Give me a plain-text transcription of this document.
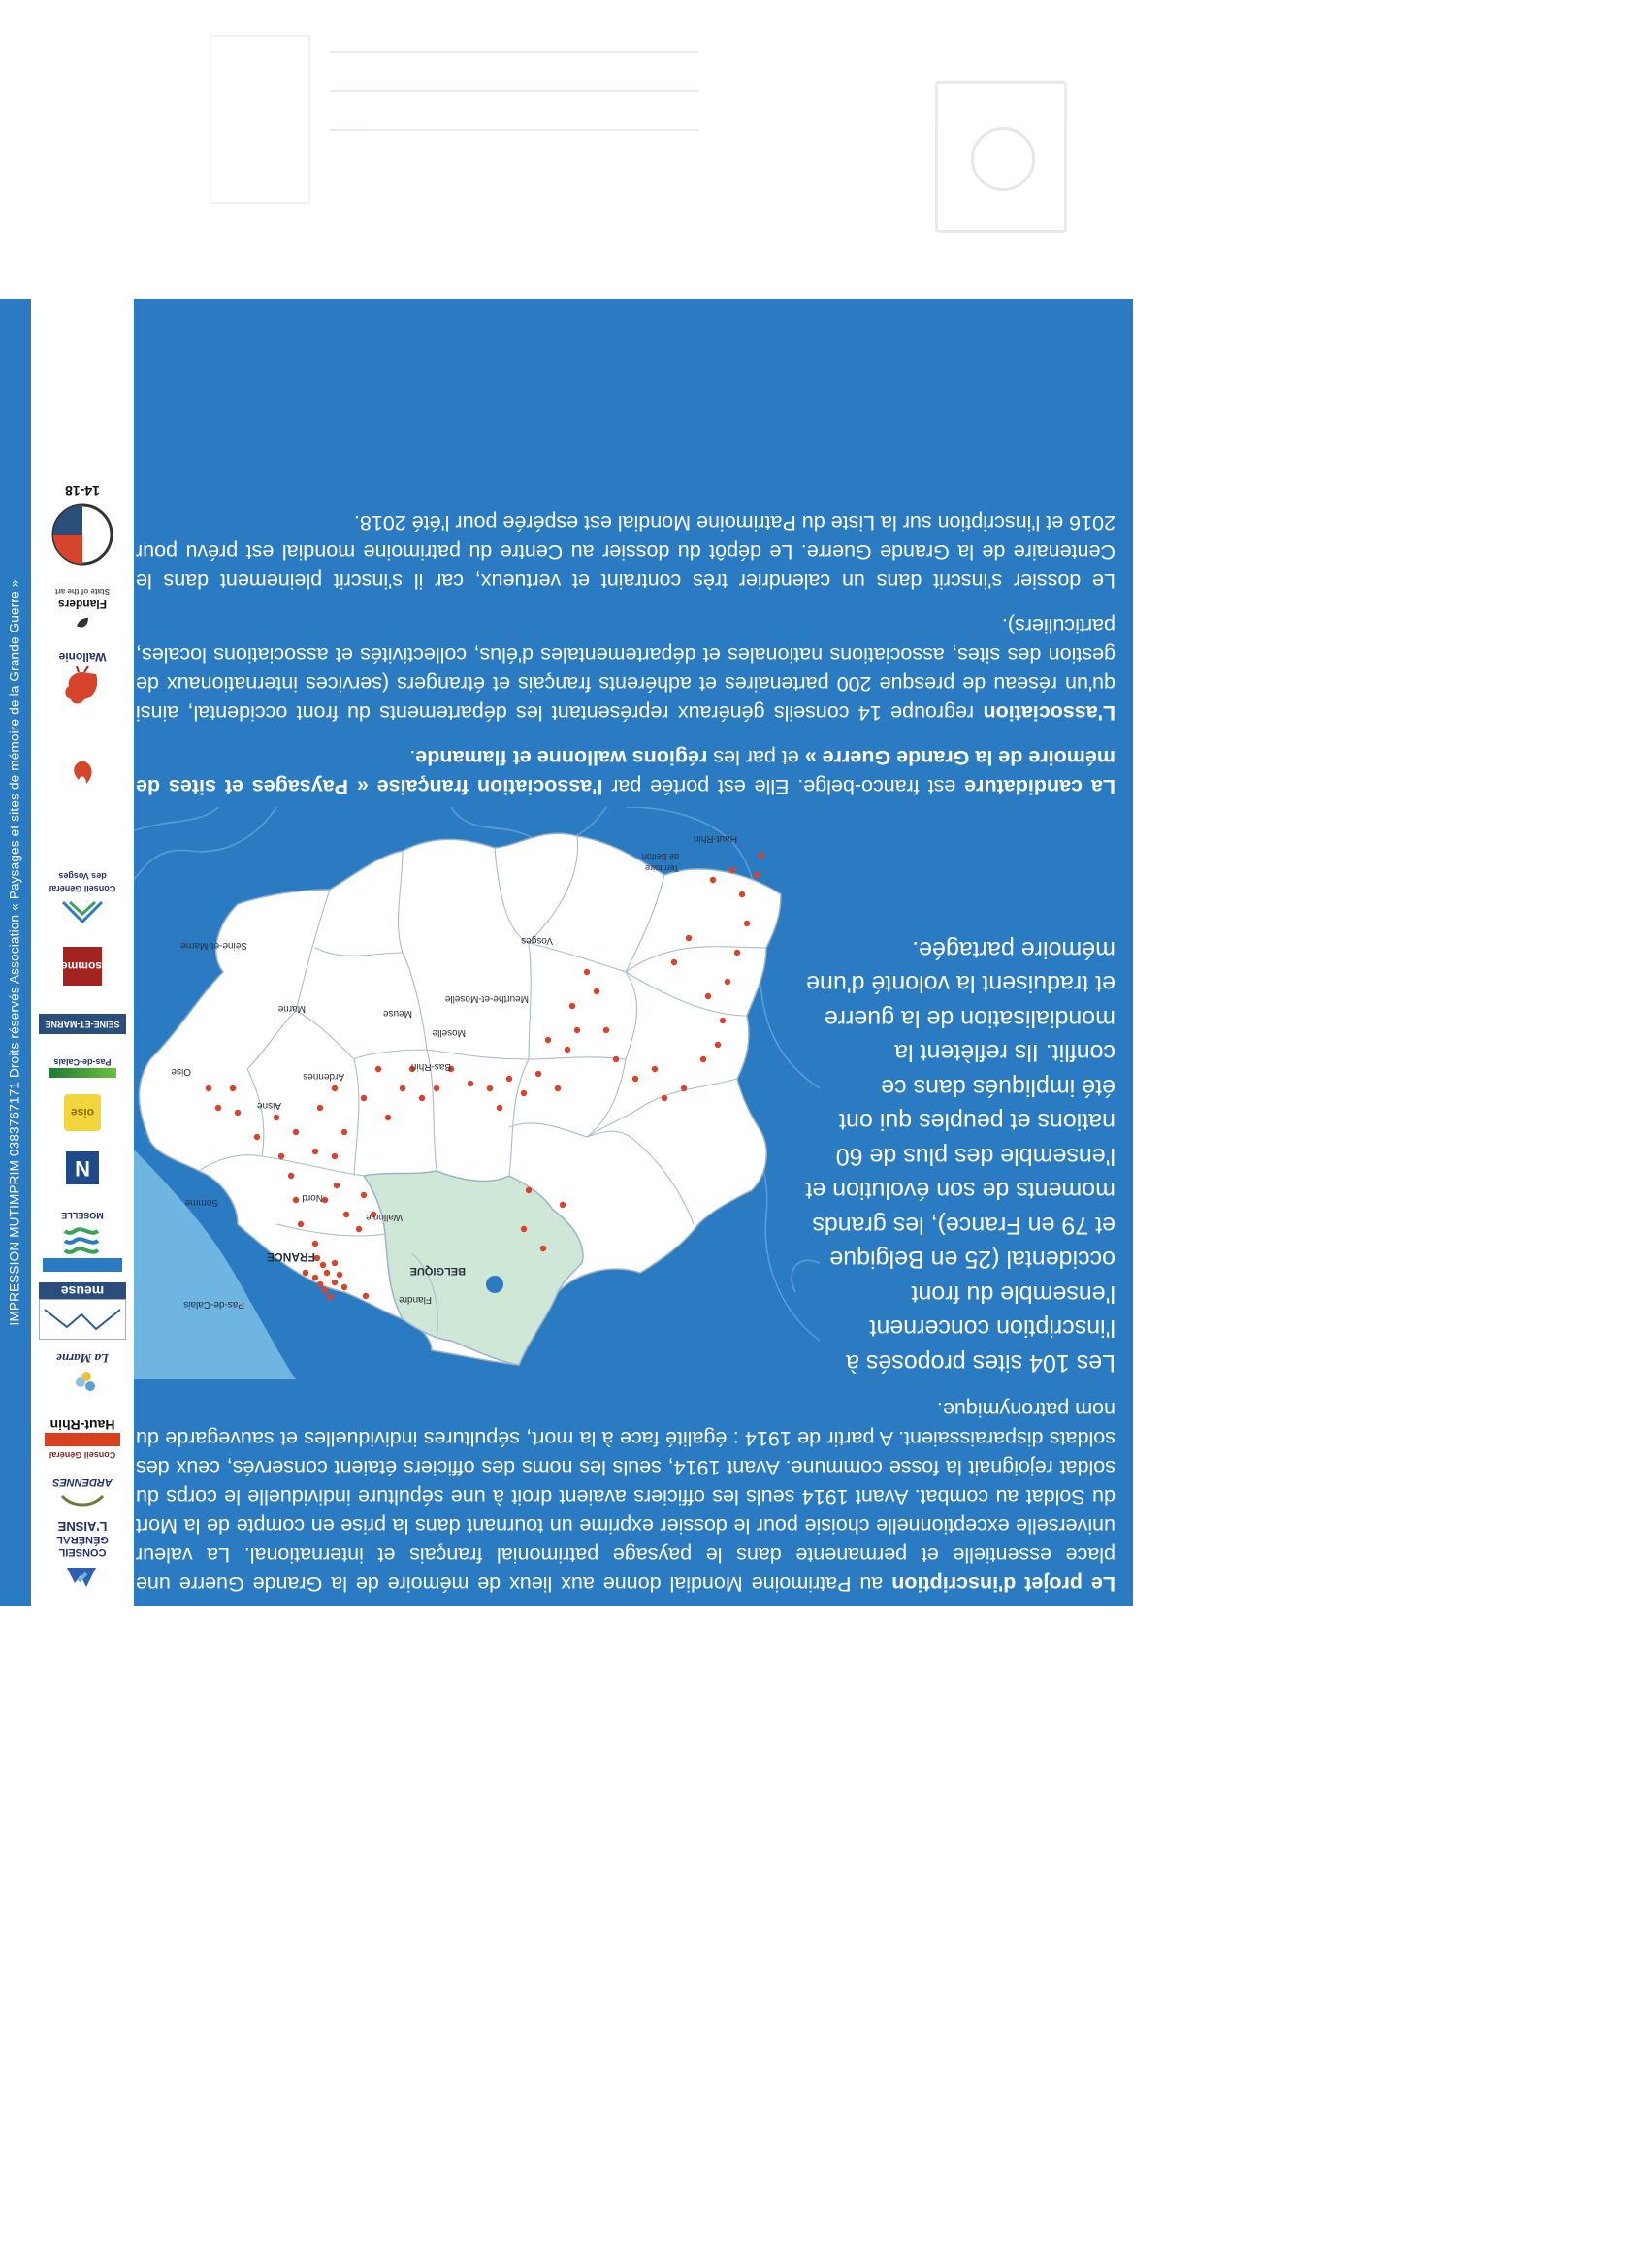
Le projet d'inscription au Patrimoine Mondial donne aux lieux de mémoire de la Grande Guerre une place essentielle et permanente dans le paysage patrimonial français et international. La valeur universelle exceptionnelle choisie pour le dossier exprime un tournant dans la prise en compte de la Mort du Soldat au combat. Avant 1914 seuls les officiers avaient droit à une sépulture individuelle le corps du soldat rejoignait la fosse commune. Avant 1914, seuls les noms des officiers étaient conservés, ceux des soldats disparaissaient. A partir de 1914 : égalité face à la mort, sépultures individuelles et sauvegarde du nom patronymique.

Les 104 sites proposés à l'inscription concernent l'ensemble du front occidental (25 en Belgique et 79 en France), les grands moments de son évolution et l'ensemble des plus de 60 nations et peuples qui ont été impliqués dans ce conflit. Ils reflètent la mondialisation de la guerre et traduisent la volonté d'une mémoire partagée.
FRANCE
BELGIQUE
Flandre
Wallonie
Nord
Pas-de-Calais
Somme
Oise
Aisne
Ardennes
Marne	Meuse
Seine-et-Marne
Meurthe-et-Moselle
Moselle
Bas-Rhin
Vosges
Haut-Rhin
Territoire
de Belfort

La candidature est franco-belge. Elle est portée par l'association française « Paysages et sites de mémoire de la Grande Guerre » et par les régions wallonne et flamande.

L'association regroupe 14 conseils généraux représentant les départements du front occidental, ainsi qu'un réseau de presque 200 partenaires et adhérents français et étrangers (services internationaux de gestion des sites, associations nationales et départementales d'élus, collectivités et associations locales, particuliers).

Le dossier s'inscrit dans un calendrier très contraint et vertueux, car il s'inscrit pleinement dans le Centenaire de la Grande Guerre. Le dépôt du dossier au Centre du patrimoine mondial est prévu pour 2016 et l'inscription sur la Liste du Patrimoine Mondial est espérée pour l'été 2018.

CONSEIL
GÉNÉRAL
L'AISNE
ARDENNES
Conseil Général
Haut-Rhin
La Marne
meuse
MOSELLE
N
oise
Pas-de-Calais
SEINE-ET-MARNE
somme
Conseil Général
des Vosges
Wallonie
Flanders
State of the art
14-18
IMPRESSION MUTIMPRIM 0383767171 Droits réservés Association « Paysages et sites de mémoire de la Grande Guerre »
